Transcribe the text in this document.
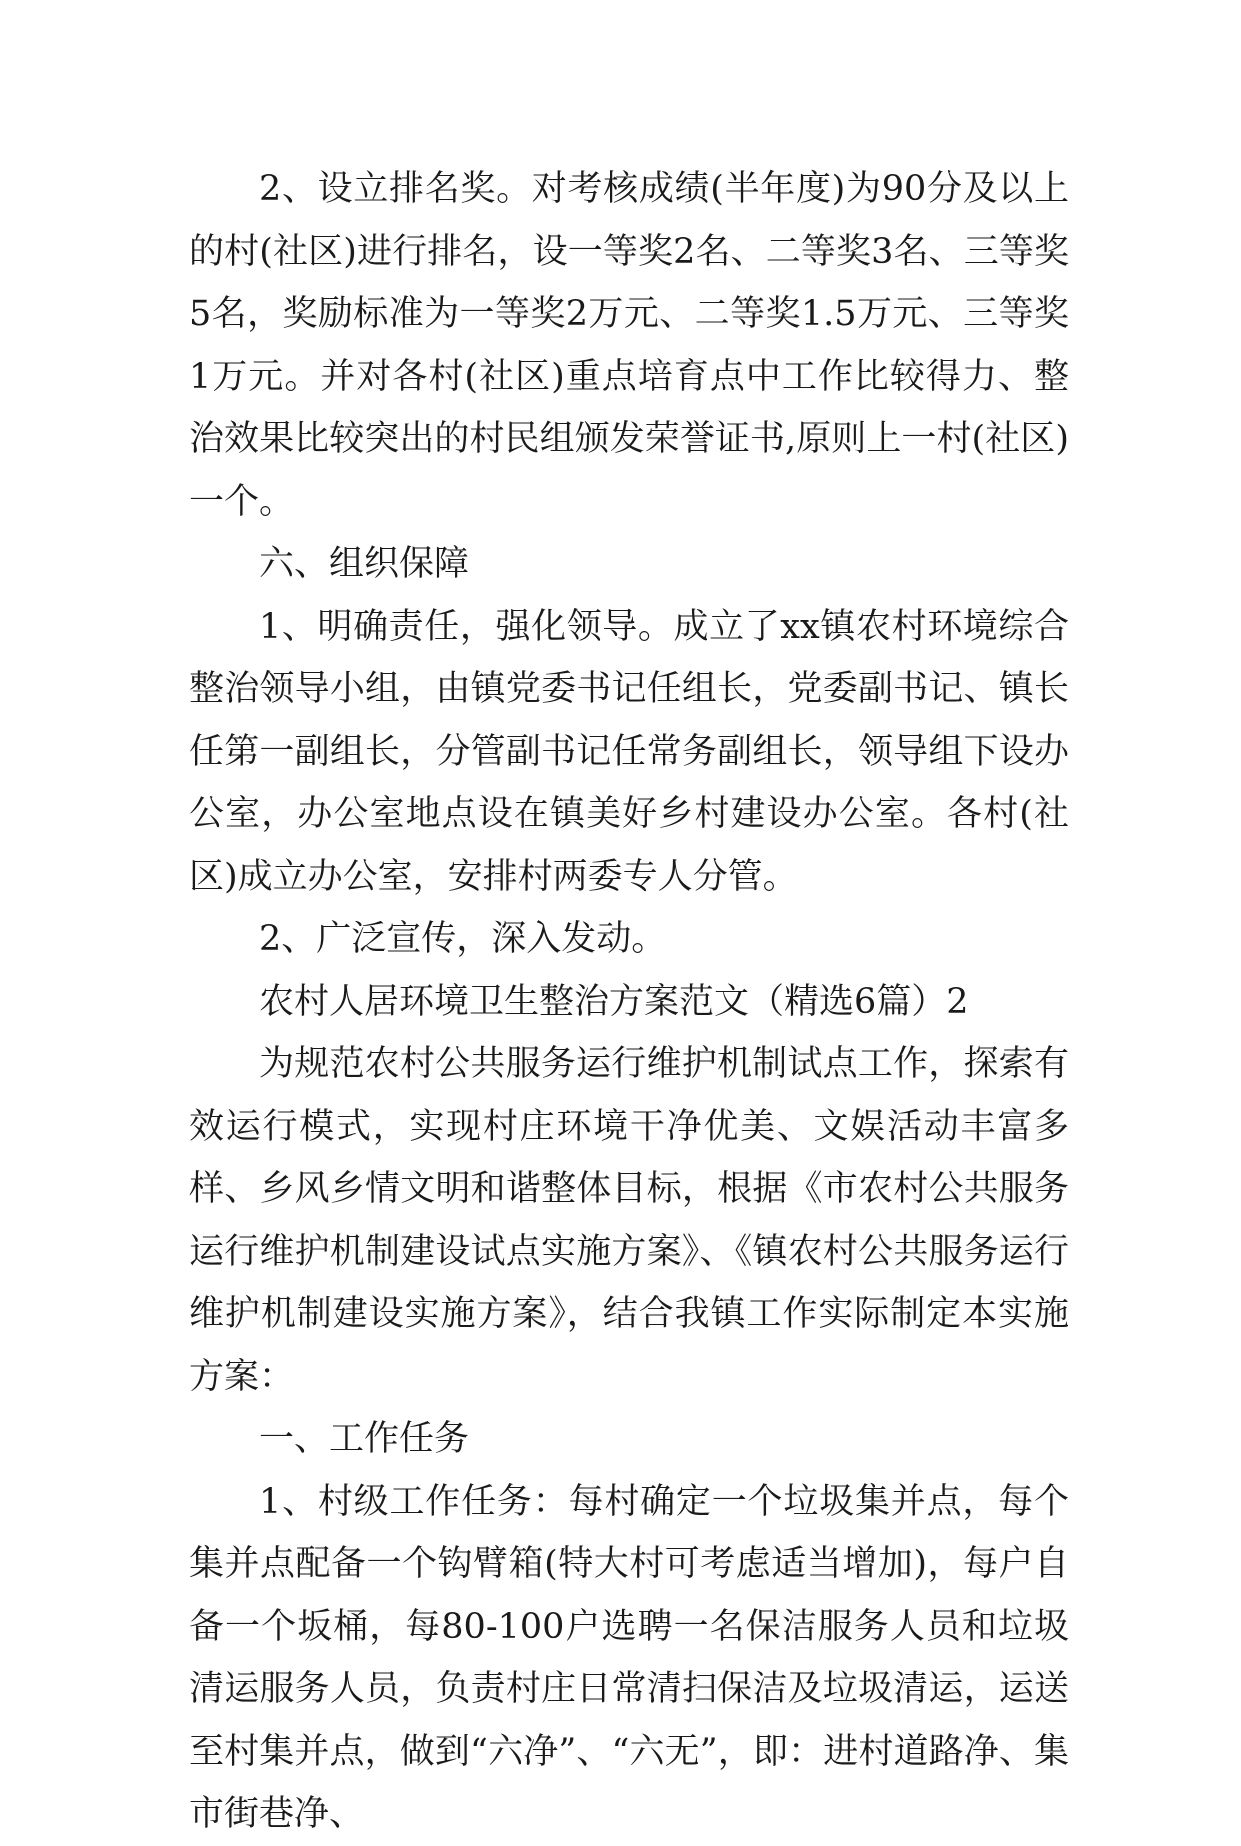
2、设立排名奖。对考核成绩(半年度)为90分及以上的村(社区)进行排名，设一等奖2名、二等奖3名、三等奖5名，奖励标准为一等奖2万元、二等奖1.5万元、三等奖1万元。并对各村(社区)重点培育点中工作比较得力、整治效果比较突出的村民组颁发荣誉证书,原则上一村(社区)一个。

六、组织保障

1、明确责任，强化领导。成立了xx镇农村环境综合整治领导小组，由镇党委书记任组长，党委副书记、镇长任第一副组长，分管副书记任常务副组长，领导组下设办公室，办公室地点设在镇美好乡村建设办公室。各村(社区)成立办公室，安排村两委专人分管。

2、广泛宣传，深入发动。

农村人居环境卫生整治方案范文（精选6篇）2

为规范农村公共服务运行维护机制试点工作，探索有效运行模式，实现村庄环境干净优美、文娱活动丰富多样、乡风乡情文明和谐整体目标，根据《市农村公共服务运行维护机制建设试点实施方案》、《镇农村公共服务运行维护机制建设实施方案》，结合我镇工作实际制定本实施方案：

一、工作任务

1、村级工作任务：每村确定一个垃圾集并点，每个集并点配备一个钩臂箱(特大村可考虑适当增加)，每户自备一个坂桶，每80-100户选聘一名保洁服务人员和垃圾清运服务人员，负责村庄日常清扫保洁及垃圾清运，运送至村集并点，做到“六净”、“六无”，即：进村道路净、集市街巷净、
